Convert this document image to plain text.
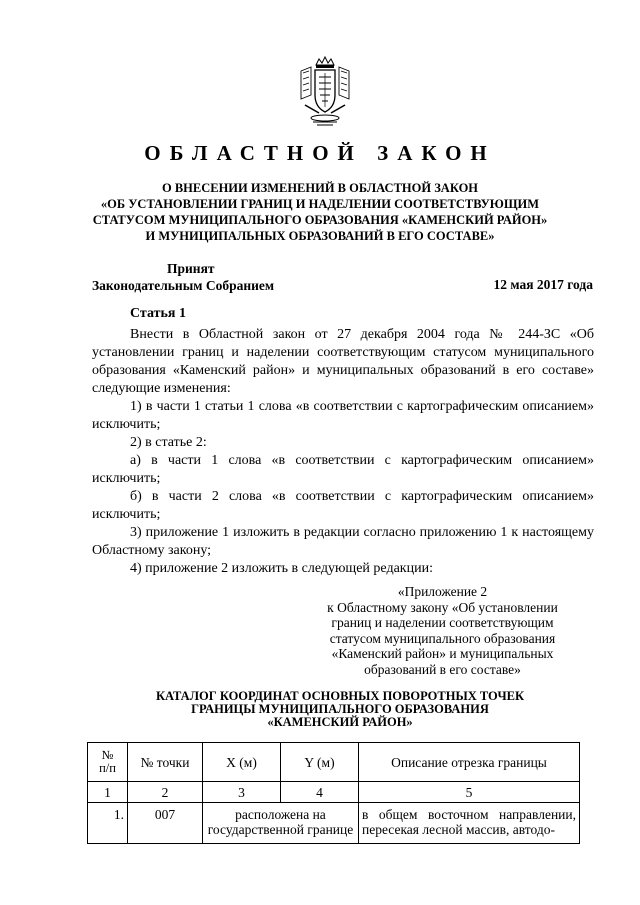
ОБЛАСТНОЙ ЗАКОН
О ВНЕСЕНИИ ИЗМЕНЕНИЙ В ОБЛАСТНОЙ ЗАКОН
«ОБ УСТАНОВЛЕНИИ ГРАНИЦ И НАДЕЛЕНИИ СООТВЕТСТВУЮЩИМ
СТАТУСОМ МУНИЦИПАЛЬНОГО ОБРАЗОВАНИЯ «КАМЕНСКИЙ РАЙОН»
И МУНИЦИПАЛЬНЫХ ОБРАЗОВАНИЙ В ЕГО СОСТАВЕ»
Принят
Законодательным Собранием	12 мая 2017 года
Статья 1

Внести в Областной закон от 27 декабря 2004 года № 244-ЗС «Об установлении границ и наделении соответствующим статусом муниципального образования «Каменский район» и муниципальных образований в его составе» следующие изменения:

1) в части 1 статьи 1 слова «в соответствии с картографическим описанием» исключить;

2) в статье 2:

а) в части 1 слова «в соответствии с картографическим описанием» исключить;

б) в части 2 слова «в соответствии с картографическим описанием» исключить;

3) приложение 1 изложить в редакции согласно приложению 1 к настоящему Областному закону;

4) приложение 2 изложить в следующей редакции:

«Приложение 2
к Областному закону «Об установлении
границ и наделении соответствующим
статусом муниципального образования
«Каменский район» и муниципальных
образований в его составе»
КАТАЛОГ КООРДИНАТ ОСНОВНЫХ ПОВОРОТНЫХ ТОЧЕК
ГРАНИЦЫ МУНИЦИПАЛЬНОГО ОБРАЗОВАНИЯ
«КАМЕНСКИЙ РАЙОН»
№
п/п	№ точки	X (м)	Y (м)	Описание отрезка границы
1	2	3	4	5
1.	007	расположена на государственной границе		в общем восточном направлении, пересекая лесной массив, автодо-
